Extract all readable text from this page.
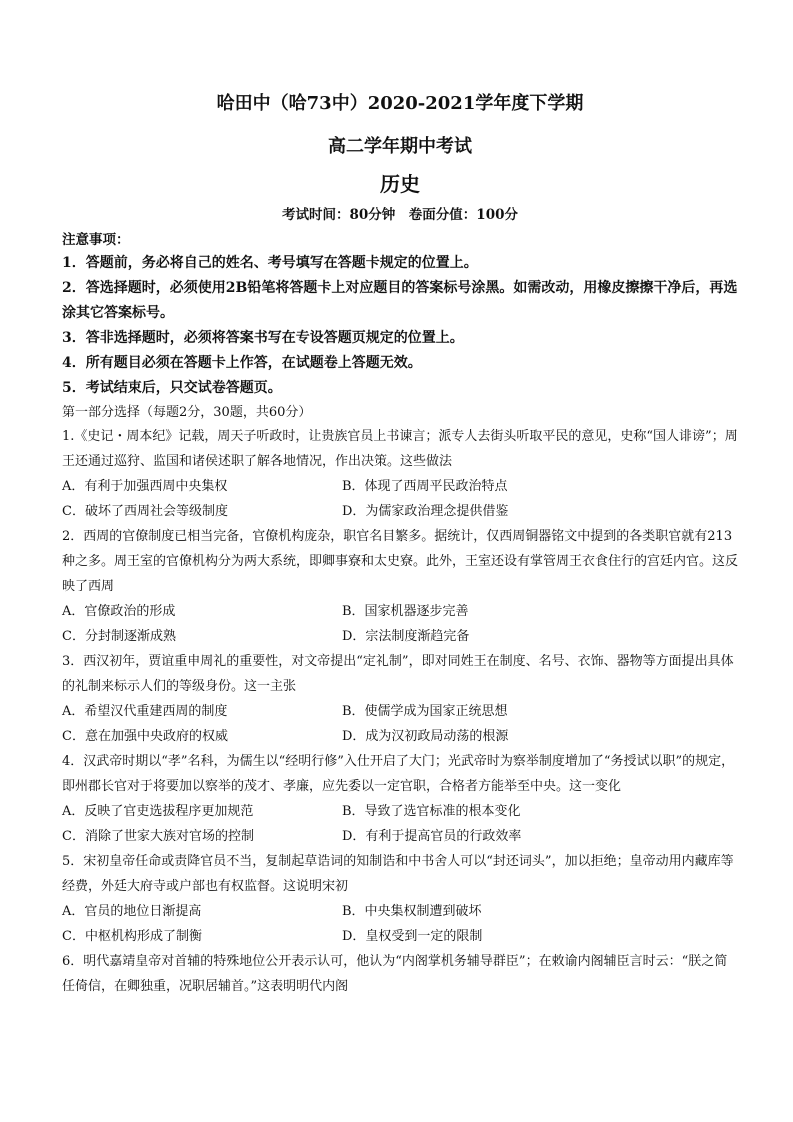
哈田中（哈73中）2020-2021学年度下学期
高二学年期中考试
历史
考试时间：80分钟　卷面分值：100分
注意事项：
1．答题前，务必将自己的姓名、考号填写在答题卡规定的位置上。
2．答选择题时，必须使用2B铅笔将答题卡上对应题目的答案标号涂黑。如需改动，用橡皮擦擦干净后，再选涂其它答案标号。
3．答非选择题时，必须将答案书写在专设答题页规定的位置上。
4．所有题目必须在答题卡上作答，在试题卷上答题无效。
5．考试结束后，只交试卷答题页。
第一部分选择（每题2分，30题，共60分）
1.《史记・周本纪》记载，周天子听政时，让贵族官员上书谏言；派专人去街头听取平民的意见，史称“国人诽谤”；周王还通过巡狩、监国和诸侯述职了解各地情况，作出决策。这些做法
A．有利于加强西周中央集权	B．体现了西周平民政治特点
C．破坏了西周社会等级制度	D．为儒家政治理念提供借鉴
2．西周的官僚制度已相当完备，官僚机构庞杂，职官名目繁多。据统计，仅西周铜器铭文中提到的各类职官就有213种之多。周王室的官僚机构分为两大系统，即卿事寮和太史寮。此外，王室还设有掌管周王衣食住行的宫廷内官。这反映了西周
A．官僚政治的形成	B．国家机器逐步完善
C．分封制逐渐成熟	D．宗法制度渐趋完备
3．西汉初年，贾谊重申周礼的重要性，对文帝提出“定礼制”，即对同姓王在制度、名号、衣饰、器物等方面提出具体的礼制来标示人们的等级身份。这一主张
A．希望汉代重建西周的制度	B．使儒学成为国家正统思想
C．意在加强中央政府的权威	D．成为汉初政局动荡的根源
4．汉武帝时期以“孝”名科，为儒生以“经明行修”入仕开启了大门；光武帝时为察举制度增加了“务授试以职”的规定，即州郡长官对于将要加以察举的茂才、孝廉，应先委以一定官职，合格者方能举至中央。这一变化
A．反映了官吏选拔程序更加规范	B．导致了选官标准的根本变化
C．消除了世家大族对官场的控制	D．有利于提高官员的行政效率
5．宋初皇帝任命或责降官员不当，复制起草诰词的知制诰和中书舍人可以“封还词头”，加以拒绝；皇帝动用内藏库等经费，外廷大府寺或户部也有权监督。这说明宋初
A．官员的地位日渐提高	B．中央集权制遭到破坏
C．中枢机构形成了制衡	D．皇权受到一定的限制
6．明代嘉靖皇帝对首辅的特殊地位公开表示认可，他认为“内阁掌机务辅导群臣”；在敕谕内阁辅臣言时云：“朕之简任倚信，在卿独重，况职居辅首。”这表明明代内阁
